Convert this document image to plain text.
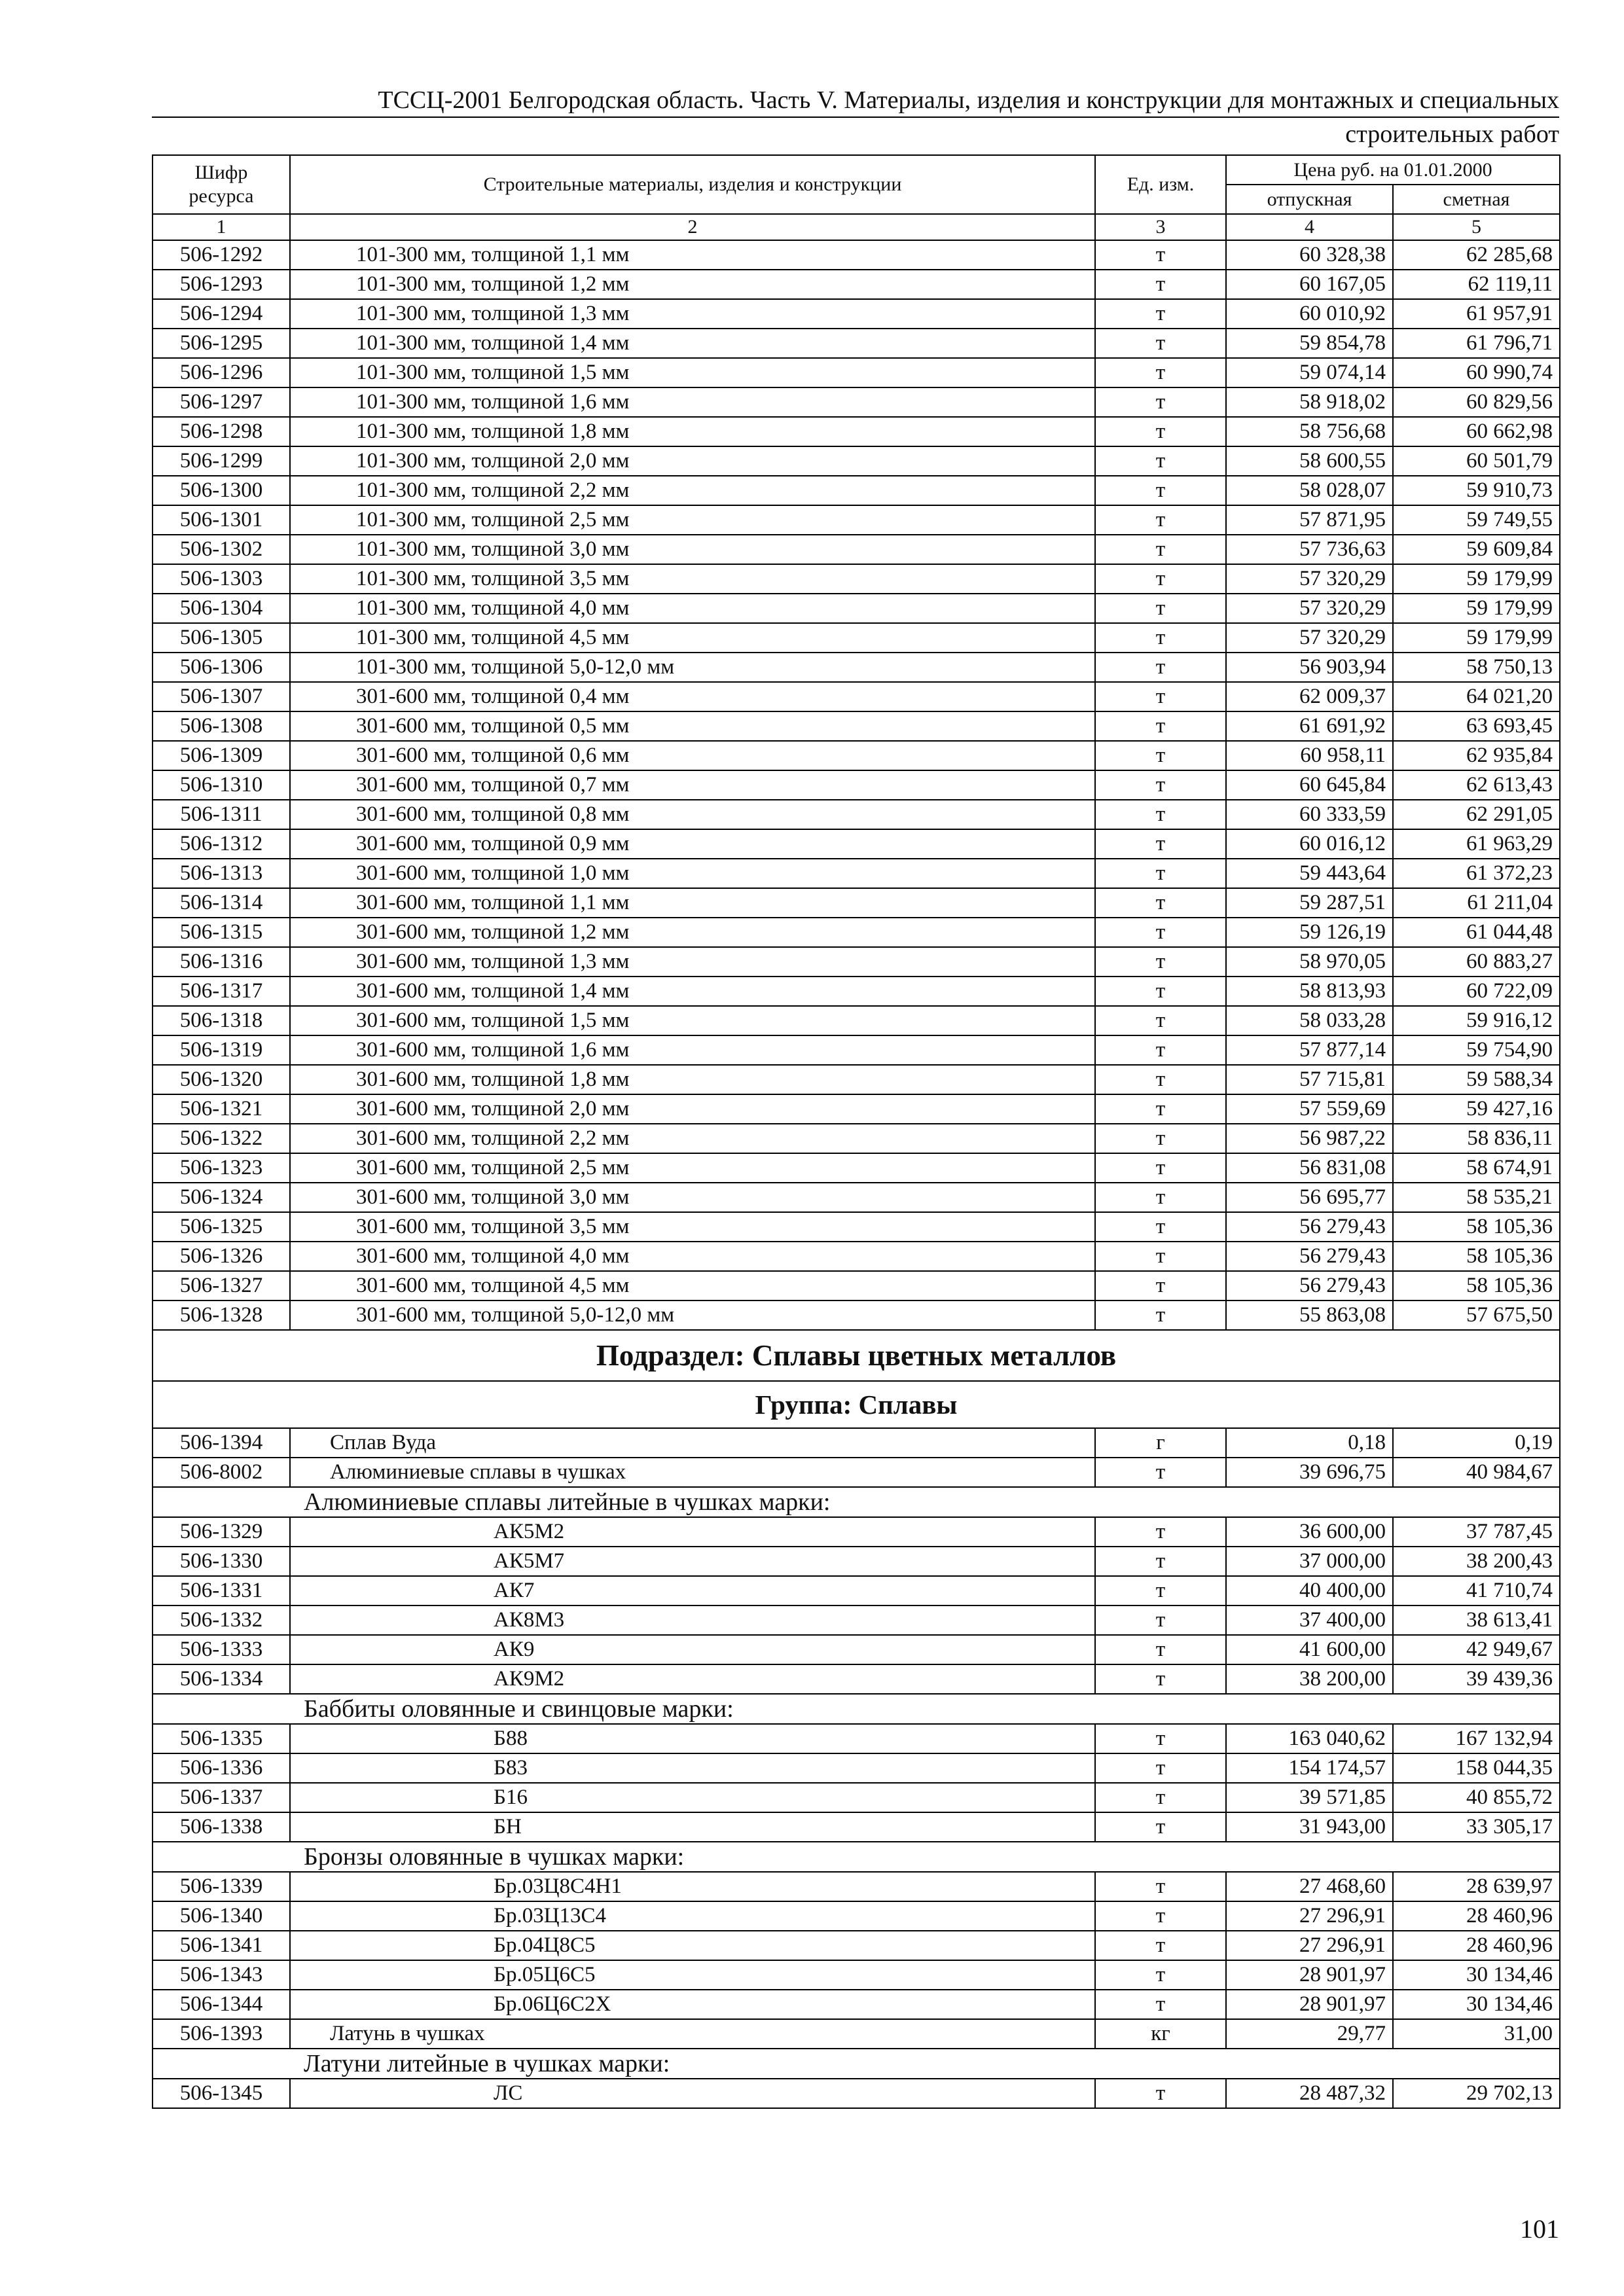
ТССЦ-2001 Белгородская область. Часть V. Материалы, изделия и конструкции для монтажных и специальных
строительных работ
Шифр ресурса	Строительные материалы, изделия и конструкции	Ед. изм.	Цена руб. на 01.01.2000	
			отпускная	сметная
1	2	3	4	5
506-1292	101-300 мм, толщиной 1,1 мм	т	60 328,38	62 285,68
506-1293	101-300 мм, толщиной 1,2 мм	т	60 167,05	62 119,11
506-1294	101-300 мм, толщиной 1,3 мм	т	60 010,92	61 957,91
506-1295	101-300 мм, толщиной 1,4 мм	т	59 854,78	61 796,71
506-1296	101-300 мм, толщиной 1,5 мм	т	59 074,14	60 990,74
506-1297	101-300 мм, толщиной 1,6 мм	т	58 918,02	60 829,56
506-1298	101-300 мм, толщиной 1,8 мм	т	58 756,68	60 662,98
506-1299	101-300 мм, толщиной 2,0 мм	т	58 600,55	60 501,79
506-1300	101-300 мм, толщиной 2,2 мм	т	58 028,07	59 910,73
506-1301	101-300 мм, толщиной 2,5 мм	т	57 871,95	59 749,55
506-1302	101-300 мм, толщиной 3,0 мм	т	57 736,63	59 609,84
506-1303	101-300 мм, толщиной 3,5 мм	т	57 320,29	59 179,99
506-1304	101-300 мм, толщиной 4,0 мм	т	57 320,29	59 179,99
506-1305	101-300 мм, толщиной 4,5 мм	т	57 320,29	59 179,99
506-1306	101-300 мм, толщиной 5,0-12,0 мм	т	56 903,94	58 750,13
506-1307	301-600 мм, толщиной 0,4 мм	т	62 009,37	64 021,20
506-1308	301-600 мм, толщиной 0,5 мм	т	61 691,92	63 693,45
506-1309	301-600 мм, толщиной 0,6 мм	т	60 958,11	62 935,84
506-1310	301-600 мм, толщиной 0,7 мм	т	60 645,84	62 613,43
506-1311	301-600 мм, толщиной 0,8 мм	т	60 333,59	62 291,05
506-1312	301-600 мм, толщиной 0,9 мм	т	60 016,12	61 963,29
506-1313	301-600 мм, толщиной 1,0 мм	т	59 443,64	61 372,23
506-1314	301-600 мм, толщиной 1,1 мм	т	59 287,51	61 211,04
506-1315	301-600 мм, толщиной 1,2 мм	т	59 126,19	61 044,48
506-1316	301-600 мм, толщиной 1,3 мм	т	58 970,05	60 883,27
506-1317	301-600 мм, толщиной 1,4 мм	т	58 813,93	60 722,09
506-1318	301-600 мм, толщиной 1,5 мм	т	58 033,28	59 916,12
506-1319	301-600 мм, толщиной 1,6 мм	т	57 877,14	59 754,90
506-1320	301-600 мм, толщиной 1,8 мм	т	57 715,81	59 588,34
506-1321	301-600 мм, толщиной 2,0 мм	т	57 559,69	59 427,16
506-1322	301-600 мм, толщиной 2,2 мм	т	56 987,22	58 836,11
506-1323	301-600 мм, толщиной 2,5 мм	т	56 831,08	58 674,91
506-1324	301-600 мм, толщиной 3,0 мм	т	56 695,77	58 535,21
506-1325	301-600 мм, толщиной 3,5 мм	т	56 279,43	58 105,36
506-1326	301-600 мм, толщиной 4,0 мм	т	56 279,43	58 105,36
506-1327	301-600 мм, толщиной 4,5 мм	т	56 279,43	58 105,36
506-1328	301-600 мм, толщиной 5,0-12,0 мм	т	55 863,08	57 675,50
Подраздел: Сплавы цветных металлов				
Группа: Сплавы				
506-1394	Сплав Вуда	г	0,18	0,19
506-8002	Алюминиевые сплавы в чушках	т	39 696,75	40 984,67
Алюминиевые сплавы литейные в чушках марки:				
506-1329	АК5М2	т	36 600,00	37 787,45
506-1330	АК5М7	т	37 000,00	38 200,43
506-1331	АК7	т	40 400,00	41 710,74
506-1332	АК8М3	т	37 400,00	38 613,41
506-1333	АК9	т	41 600,00	42 949,67
506-1334	АК9М2	т	38 200,00	39 439,36
Баббиты оловянные и свинцовые марки:				
506-1335	Б88	т	163 040,62	167 132,94
506-1336	Б83	т	154 174,57	158 044,35
506-1337	Б16	т	39 571,85	40 855,72
506-1338	БН	т	31 943,00	33 305,17
Бронзы оловянные в чушках марки:				
506-1339	Бр.03Ц8С4Н1	т	27 468,60	28 639,97
506-1340	Бр.03Ц13С4	т	27 296,91	28 460,96
506-1341	Бр.04Ц8С5	т	27 296,91	28 460,96
506-1343	Бр.05Ц6С5	т	28 901,97	30 134,46
506-1344	Бр.06Ц6С2Х	т	28 901,97	30 134,46
506-1393	Латунь в чушках	кг	29,77	31,00
Латуни литейные в чушках марки:				
506-1345	ЛС	т	28 487,32	29 702,13
101
